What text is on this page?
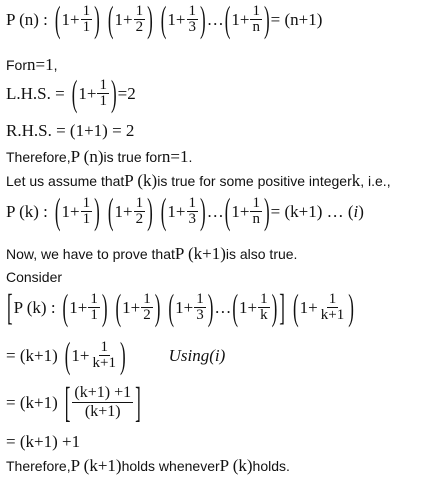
P (n) : ( $1+ \frac{1}{1}$ ) ( $1+ \frac{1}{2}$ ) ( $1+ \frac{1}{3}$ ) … ( $1+ \frac{1}{n}$ ) = (n+1)
For n=1 ,
L.H.S. = ( $1+ \frac{1}{1}$ ) =2
R.H.S. = (1+1) = 2
Therefore, P (n) is true for n=1 .
Let us assume that P (k) is true for some positive integer k , i.e.,
P (k) : ( $1+ \frac{1}{1}$ ) ( $1+ \frac{1}{2}$ ) ( $1+ \frac{1}{3}$ ) … ( $1+ \frac{1}{n}$ ) = (k+1) … ( i )
Now, we have to prove that P (k+1) is also true.
Consider
[ P (k) : ( $1+ \frac{1}{1}$ ) ( $1+ \frac{1}{2}$ ) ( $1+ \frac{1}{3}$ ) … ( $1+ \frac{1}{k}$ ) ] ( $1+ \frac{1}{k+1}$ )
= (k+1) ( $1+ \frac{1}{k+1}$ )	Using(i)
= (k+1) [ $\frac{(k+1) +1}{(k+1)}$ ]
= (k+1) +1
Therefore, P (k+1) holds whenever P (k) holds.
